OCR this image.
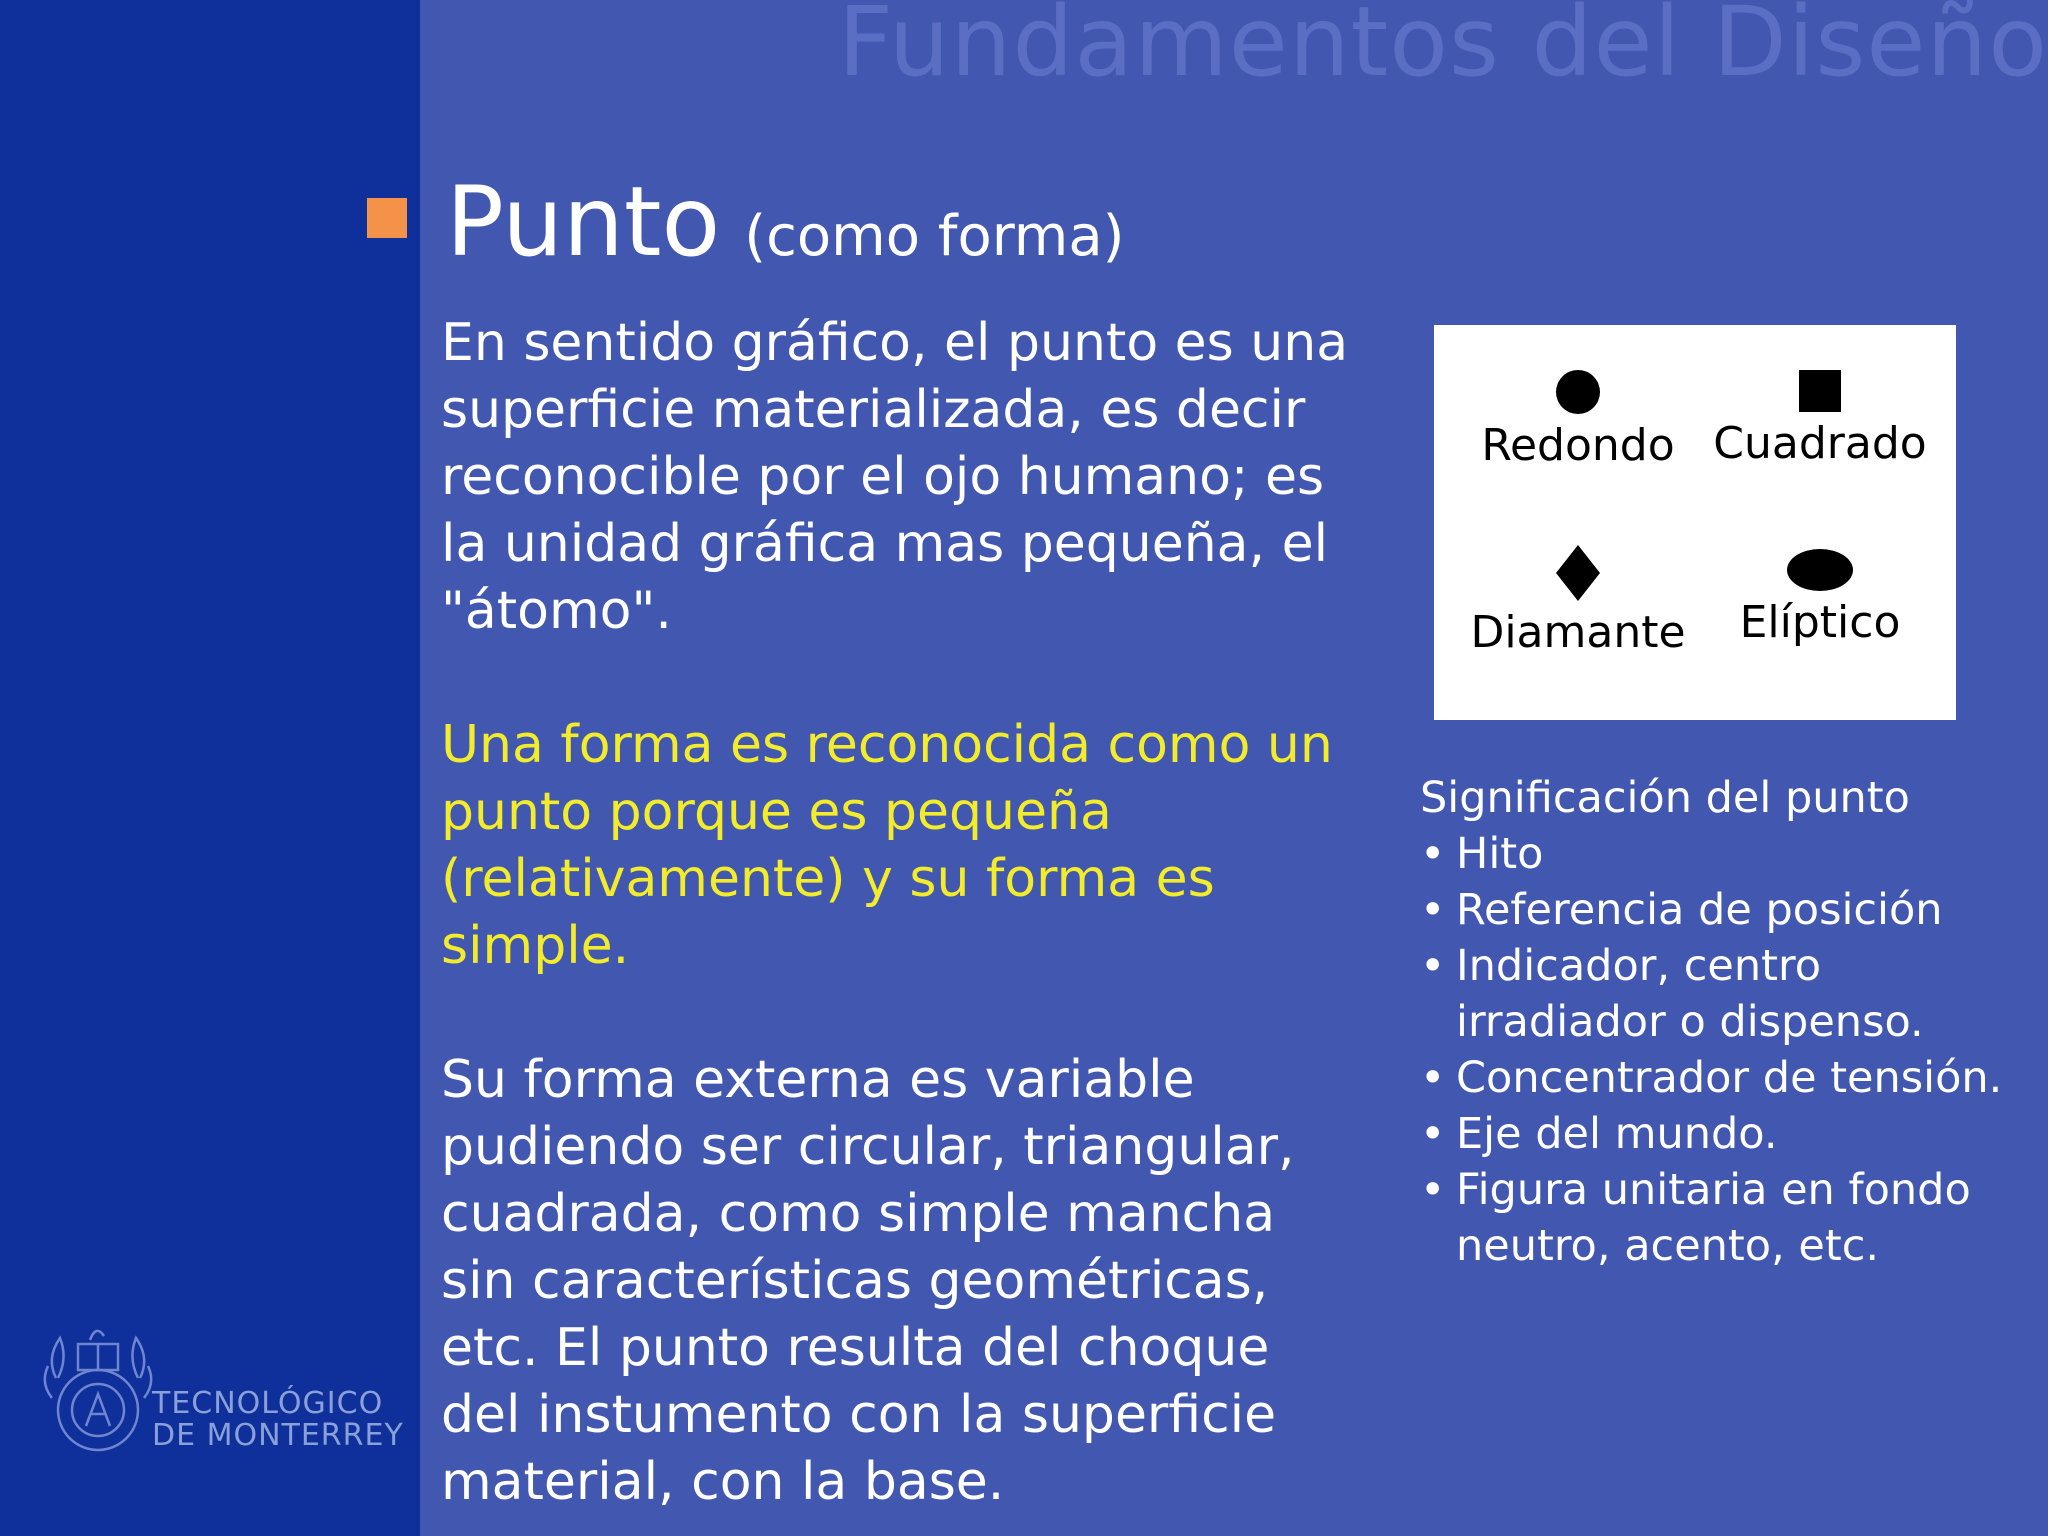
Fundamentos del Diseño
Punto (como forma)

En sentido gráfico, el punto es una superficie materializada, es decir reconocible por el ojo humano; es la unidad gráfica mas pequeña, el "átomo".

Una forma es reconocida como un punto porque es pequeña (relativamente) y su forma es simple.

Su forma externa es variable pudiendo ser circular, triangular, cuadrada, como simple mancha sin características geométricas, etc. El punto resulta del choque del instumento con la superficie material, con la base.

Redondo Cuadrado
Diamante	Elíptico
Significación del punto
• Hito
• Referencia de posición
• Indicador, centro irradiador o dispenso.
• Concentrador de tensión.
• Eje del mundo.
• Figura unitaria en fondo neutro, acento, etc.
TECNOLÓGICO
DE MONTERREY
